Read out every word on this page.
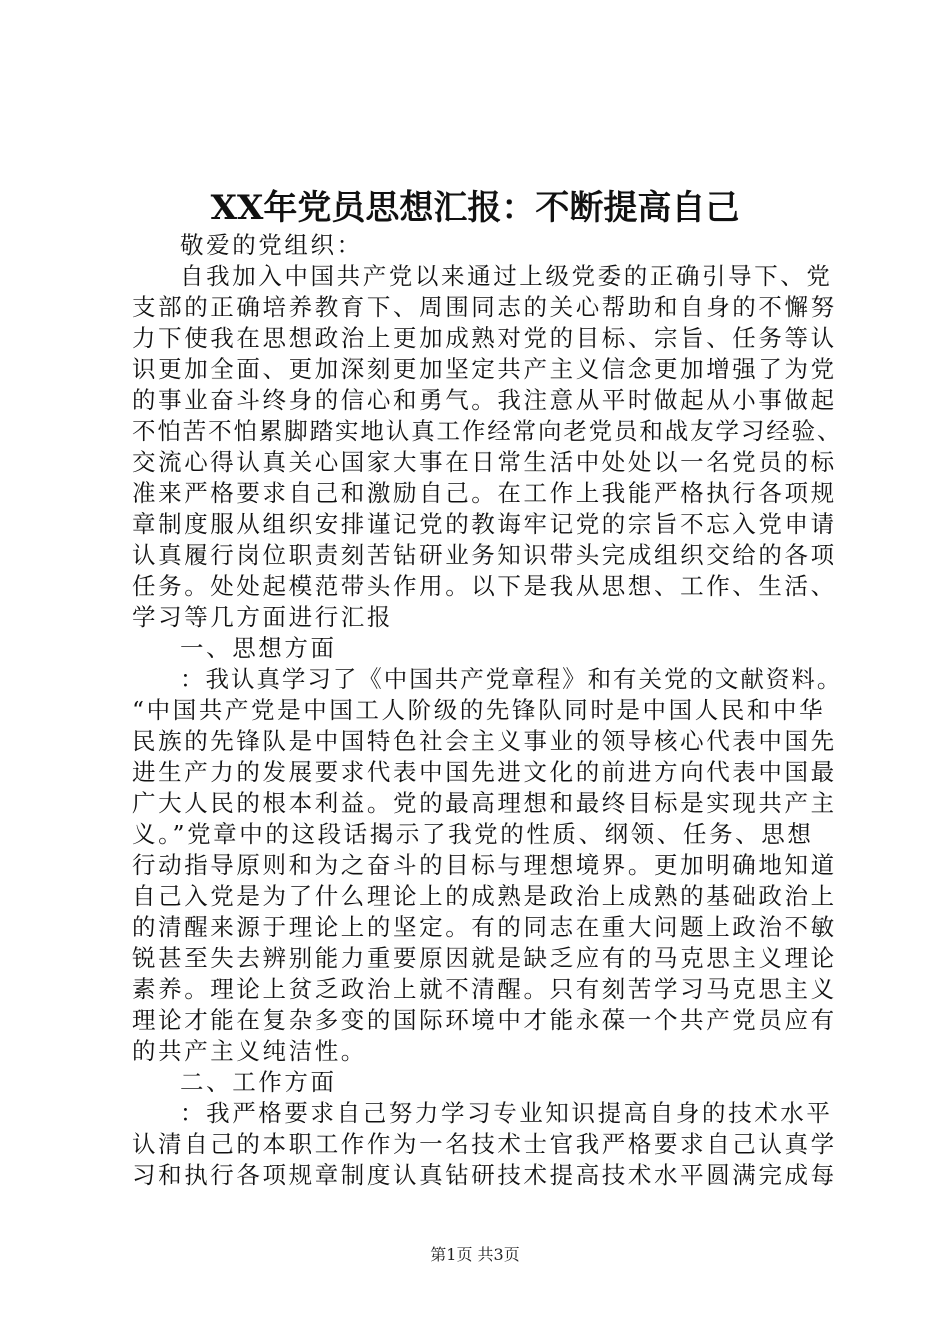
XX年党员思想汇报：不断提高自己
敬爱的党组织：
自我加入中国共产党以来通过上级党委的正确引导下、党
支部的正确培养教育下、周围同志的关心帮助和自身的不懈努
力下使我在思想政治上更加成熟对党的目标、宗旨、任务等认
识更加全面、更加深刻更加坚定共产主义信念更加增强了为党
的事业奋斗终身的信心和勇气。我注意从平时做起从小事做起
不怕苦不怕累脚踏实地认真工作经常向老党员和战友学习经验、
交流心得认真关心国家大事在日常生活中处处以一名党员的标
准来严格要求自己和激励自己。在工作上我能严格执行各项规
章制度服从组织安排谨记党的教诲牢记党的宗旨不忘入党申请
认真履行岗位职责刻苦钻研业务知识带头完成组织交给的各项
任务。处处起模范带头作用。以下是我从思想、工作、生活、
学习等几方面进行汇报
一、思想方面
：我认真学习了《中国共产党章程》和有关党的文献资料。
“中国共产党是中国工人阶级的先锋队同时是中国人民和中华
民族的先锋队是中国特色社会主义事业的领导核心代表中国先
进生产力的发展要求代表中国先进文化的前进方向代表中国最
广大人民的根本利益。党的最高理想和最终目标是实现共产主
义。”党章中的这段话揭示了我党的性质、纲领、任务、思想
行动指导原则和为之奋斗的目标与理想境界。更加明确地知道
自己入党是为了什么理论上的成熟是政治上成熟的基础政治上
的清醒来源于理论上的坚定。有的同志在重大问题上政治不敏
锐甚至失去辨别能力重要原因就是缺乏应有的马克思主义理论
素养。理论上贫乏政治上就不清醒。只有刻苦学习马克思主义
理论才能在复杂多变的国际环境中才能永葆一个共产党员应有
的共产主义纯洁性。
二、工作方面
：我严格要求自己努力学习专业知识提高自身的技术水平
认清自己的本职工作作为一名技术士官我严格要求自己认真学
习和执行各项规章制度认真钻研技术提高技术水平圆满完成每
第1页 共3页
